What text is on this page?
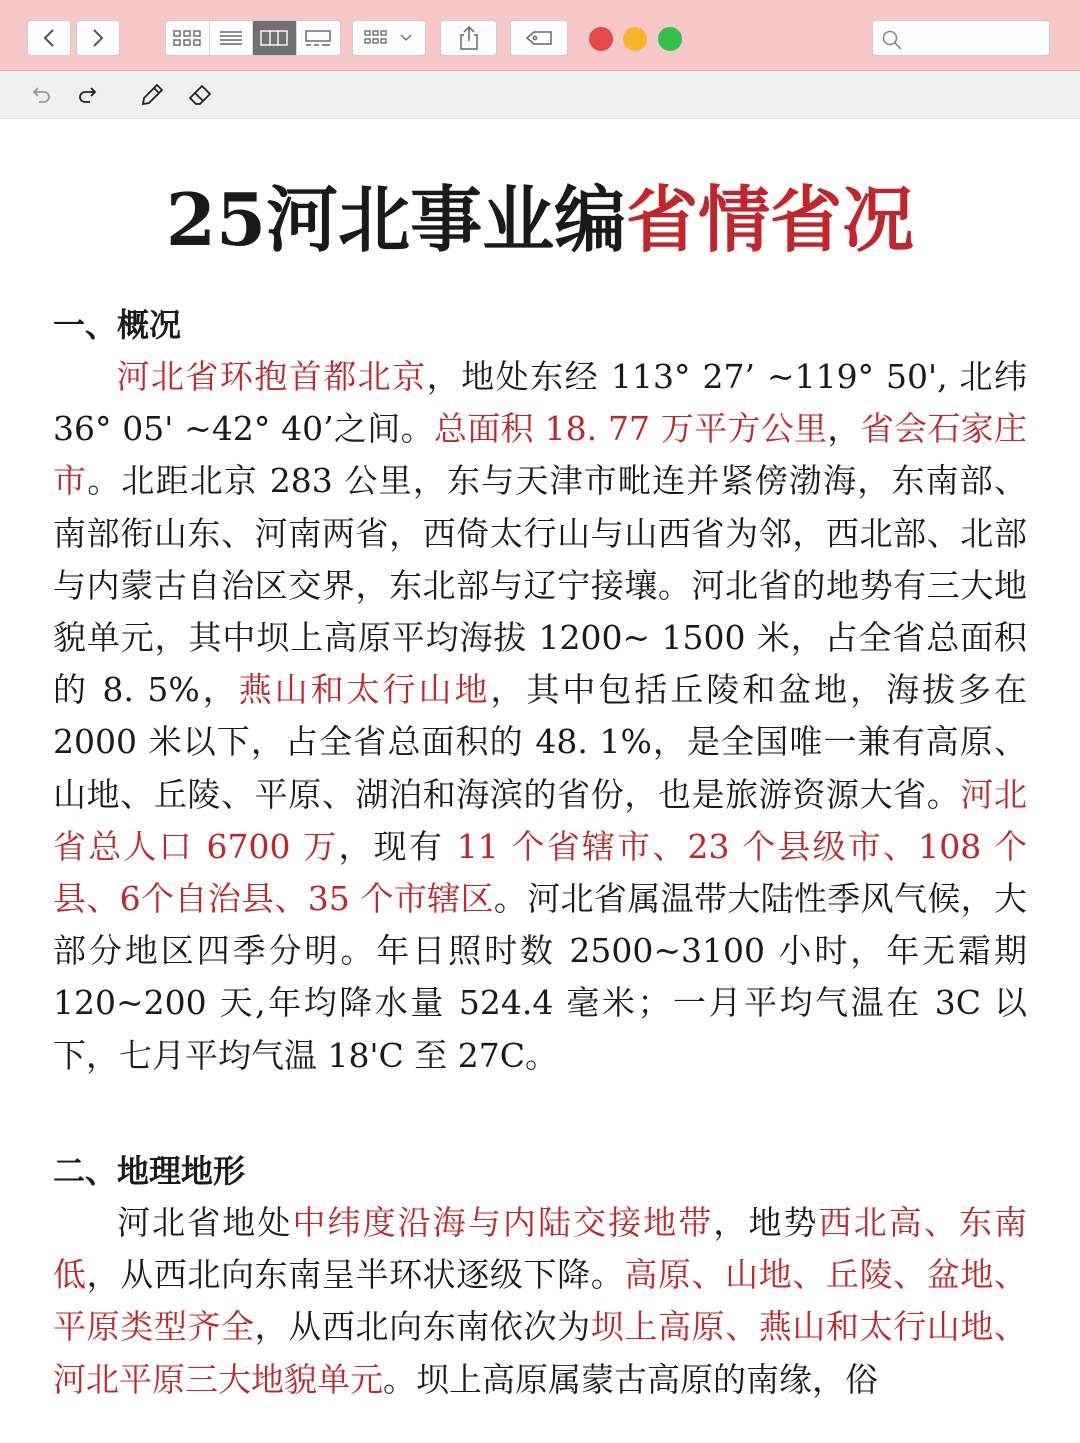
25河北事业编省情省况
一、概况

河北省环抱首都北京，地处东经 113° 27’ ~119° 50', 北纬 36° 05' ~42° 40’之间。总面积 18. 77 万平方公里，省会石家庄市。北距北京 283 公里，东与天津市毗连并紧傍渤海，东南部、南部衔山东、河南两省，西倚太行山与山西省为邻，西北部、北部与内蒙古自治区交界，东北部与辽宁接壤。河北省的地势有三大地貌单元，其中坝上高原平均海拔 1200~ 1500 米，占全省总面积的 8. 5%，燕山和太行山地，其中包括丘陵和盆地，海拔多在 2000 米以下，占全省总面积的 48. 1%，是全国唯一兼有高原、 山地、丘陵、平原、湖泊和海滨的省份，也是旅游资源大省。河北省总人口 6700 万，现有 11 个省辖市、23 个县级市、108 个县、6个自治县、35 个市辖区。河北省属温带大陆性季风气候，大部分地区四季分明。年日照时数 2500~3100 小时，年无霜期 120~200 天,年均降水量 524.4 毫米；一月平均气温在 3C 以下，七月平均气温 18'C 至 27C。

二、地理地形

河北省地处中纬度沿海与内陆交接地带，地势西北高、东南低，从西北向东南呈半环状逐级下降。高原、山地、丘陵、盆地、平原类型齐全，从西北向东南依次为坝上高原、燕山和太行山地、河北平原三大地貌单元。坝上高原属蒙古高原的南缘，俗
